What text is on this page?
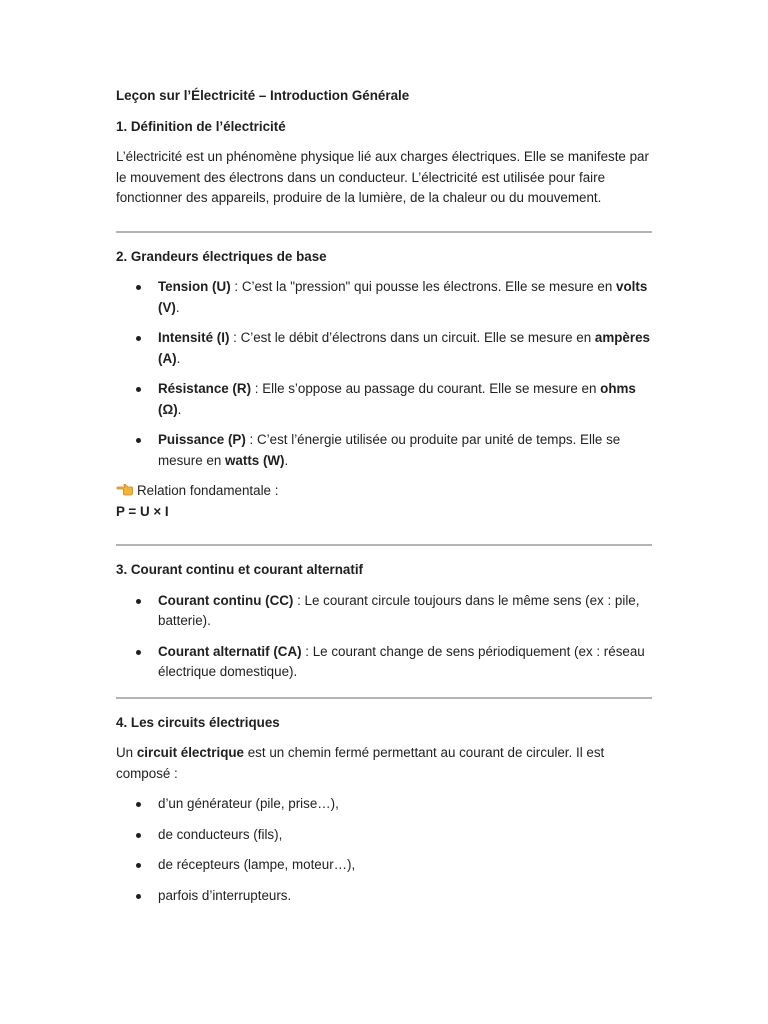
Leçon sur l’Électricité – Introduction Générale

1. Définition de l’électricité

L’électricité est un phénomène physique lié aux charges électriques. Elle se manifeste par le mouvement des électrons dans un conducteur. L’électricité est utilisée pour faire fonctionner des appareils, produire de la lumière, de la chaleur ou du mouvement.

2. Grandeurs électriques de base

Tension (U) : C’est la "pression" qui pousse les électrons. Elle se mesure en volts (V).
Intensité (I) : C’est le débit d’électrons dans un circuit. Elle se mesure en ampères (A).
Résistance (R) : Elle s’oppose au passage du courant. Elle se mesure en ohms (Ω).
Puissance (P) : C’est l’énergie utilisée ou produite par unité de temps. Elle se mesure en watts (W).
Relation fondamentale :
P = U × I

3. Courant continu et courant alternatif

Courant continu (CC) : Le courant circule toujours dans le même sens (ex : pile, batterie).
Courant alternatif (CA) : Le courant change de sens périodiquement (ex : réseau électrique domestique).

4. Les circuits électriques

Un circuit électrique est un chemin fermé permettant au courant de circuler. Il est composé :

d’un générateur (pile, prise…),
de conducteurs (fils),
de récepteurs (lampe, moteur…),
parfois d’interrupteurs.
